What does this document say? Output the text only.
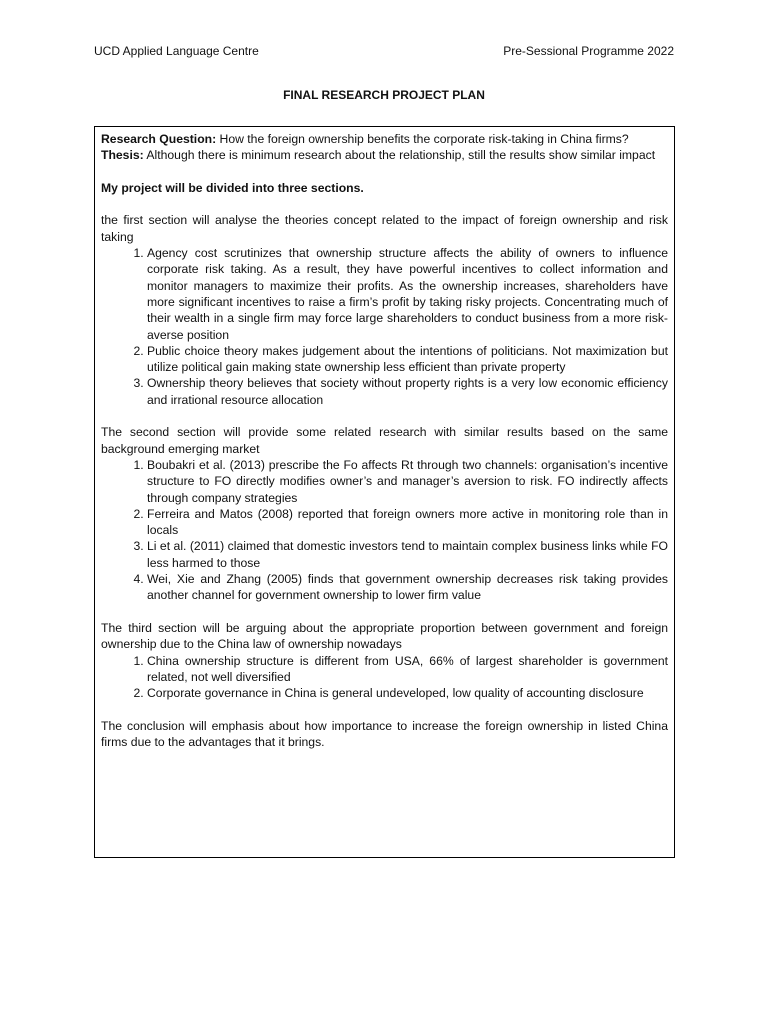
UCD Applied Language Centre	Pre-Sessional Programme 2022
FINAL RESEARCH PROJECT PLAN

Research Question: How the foreign ownership benefits the corporate risk-taking in China firms?

Thesis: Although there is minimum research about the relationship, still the results show similar impact

My project will be divided into three sections.

the first section will analyse the theories concept related to the impact of foreign ownership and risk taking

1. Agency cost scrutinizes that ownership structure affects the ability of owners to influence corporate risk taking. As a result, they have powerful incentives to collect information and monitor managers to maximize their profits. As the ownership increases, shareholders have more significant incentives to raise a firm’s profit by taking risky projects. Concentrating much of their wealth in a single firm may force large shareholders to conduct business from a more risk-averse position
2. Public choice theory makes judgement about the intentions of politicians. Not maximization but utilize political gain making state ownership less efficient than private property
3. Ownership theory believes that society without property rights is a very low economic efficiency and irrational resource allocation

The second section will provide some related research with similar results based on the same background emerging market

1. Boubakri et al. (2013) prescribe the Fo affects Rt through two channels: organisation’s incentive structure to FO directly modifies owner’s and manager’s aversion to risk. FO indirectly affects through company strategies
2. Ferreira and Matos (2008) reported that foreign owners more active in monitoring role than in locals
3. Li et al. (2011) claimed that domestic investors tend to maintain complex business links while FO less harmed to those
4. Wei, Xie and Zhang (2005) finds that government ownership decreases risk taking provides another channel for government ownership to lower firm value

The third section will be arguing about the appropriate proportion between government and foreign ownership due to the China law of ownership nowadays

1. China ownership structure is different from USA, 66% of largest shareholder is government related, not well diversified
2. Corporate governance in China is general undeveloped, low quality of accounting disclosure

The conclusion will emphasis about how importance to increase the foreign ownership in listed China firms due to the advantages that it brings.
